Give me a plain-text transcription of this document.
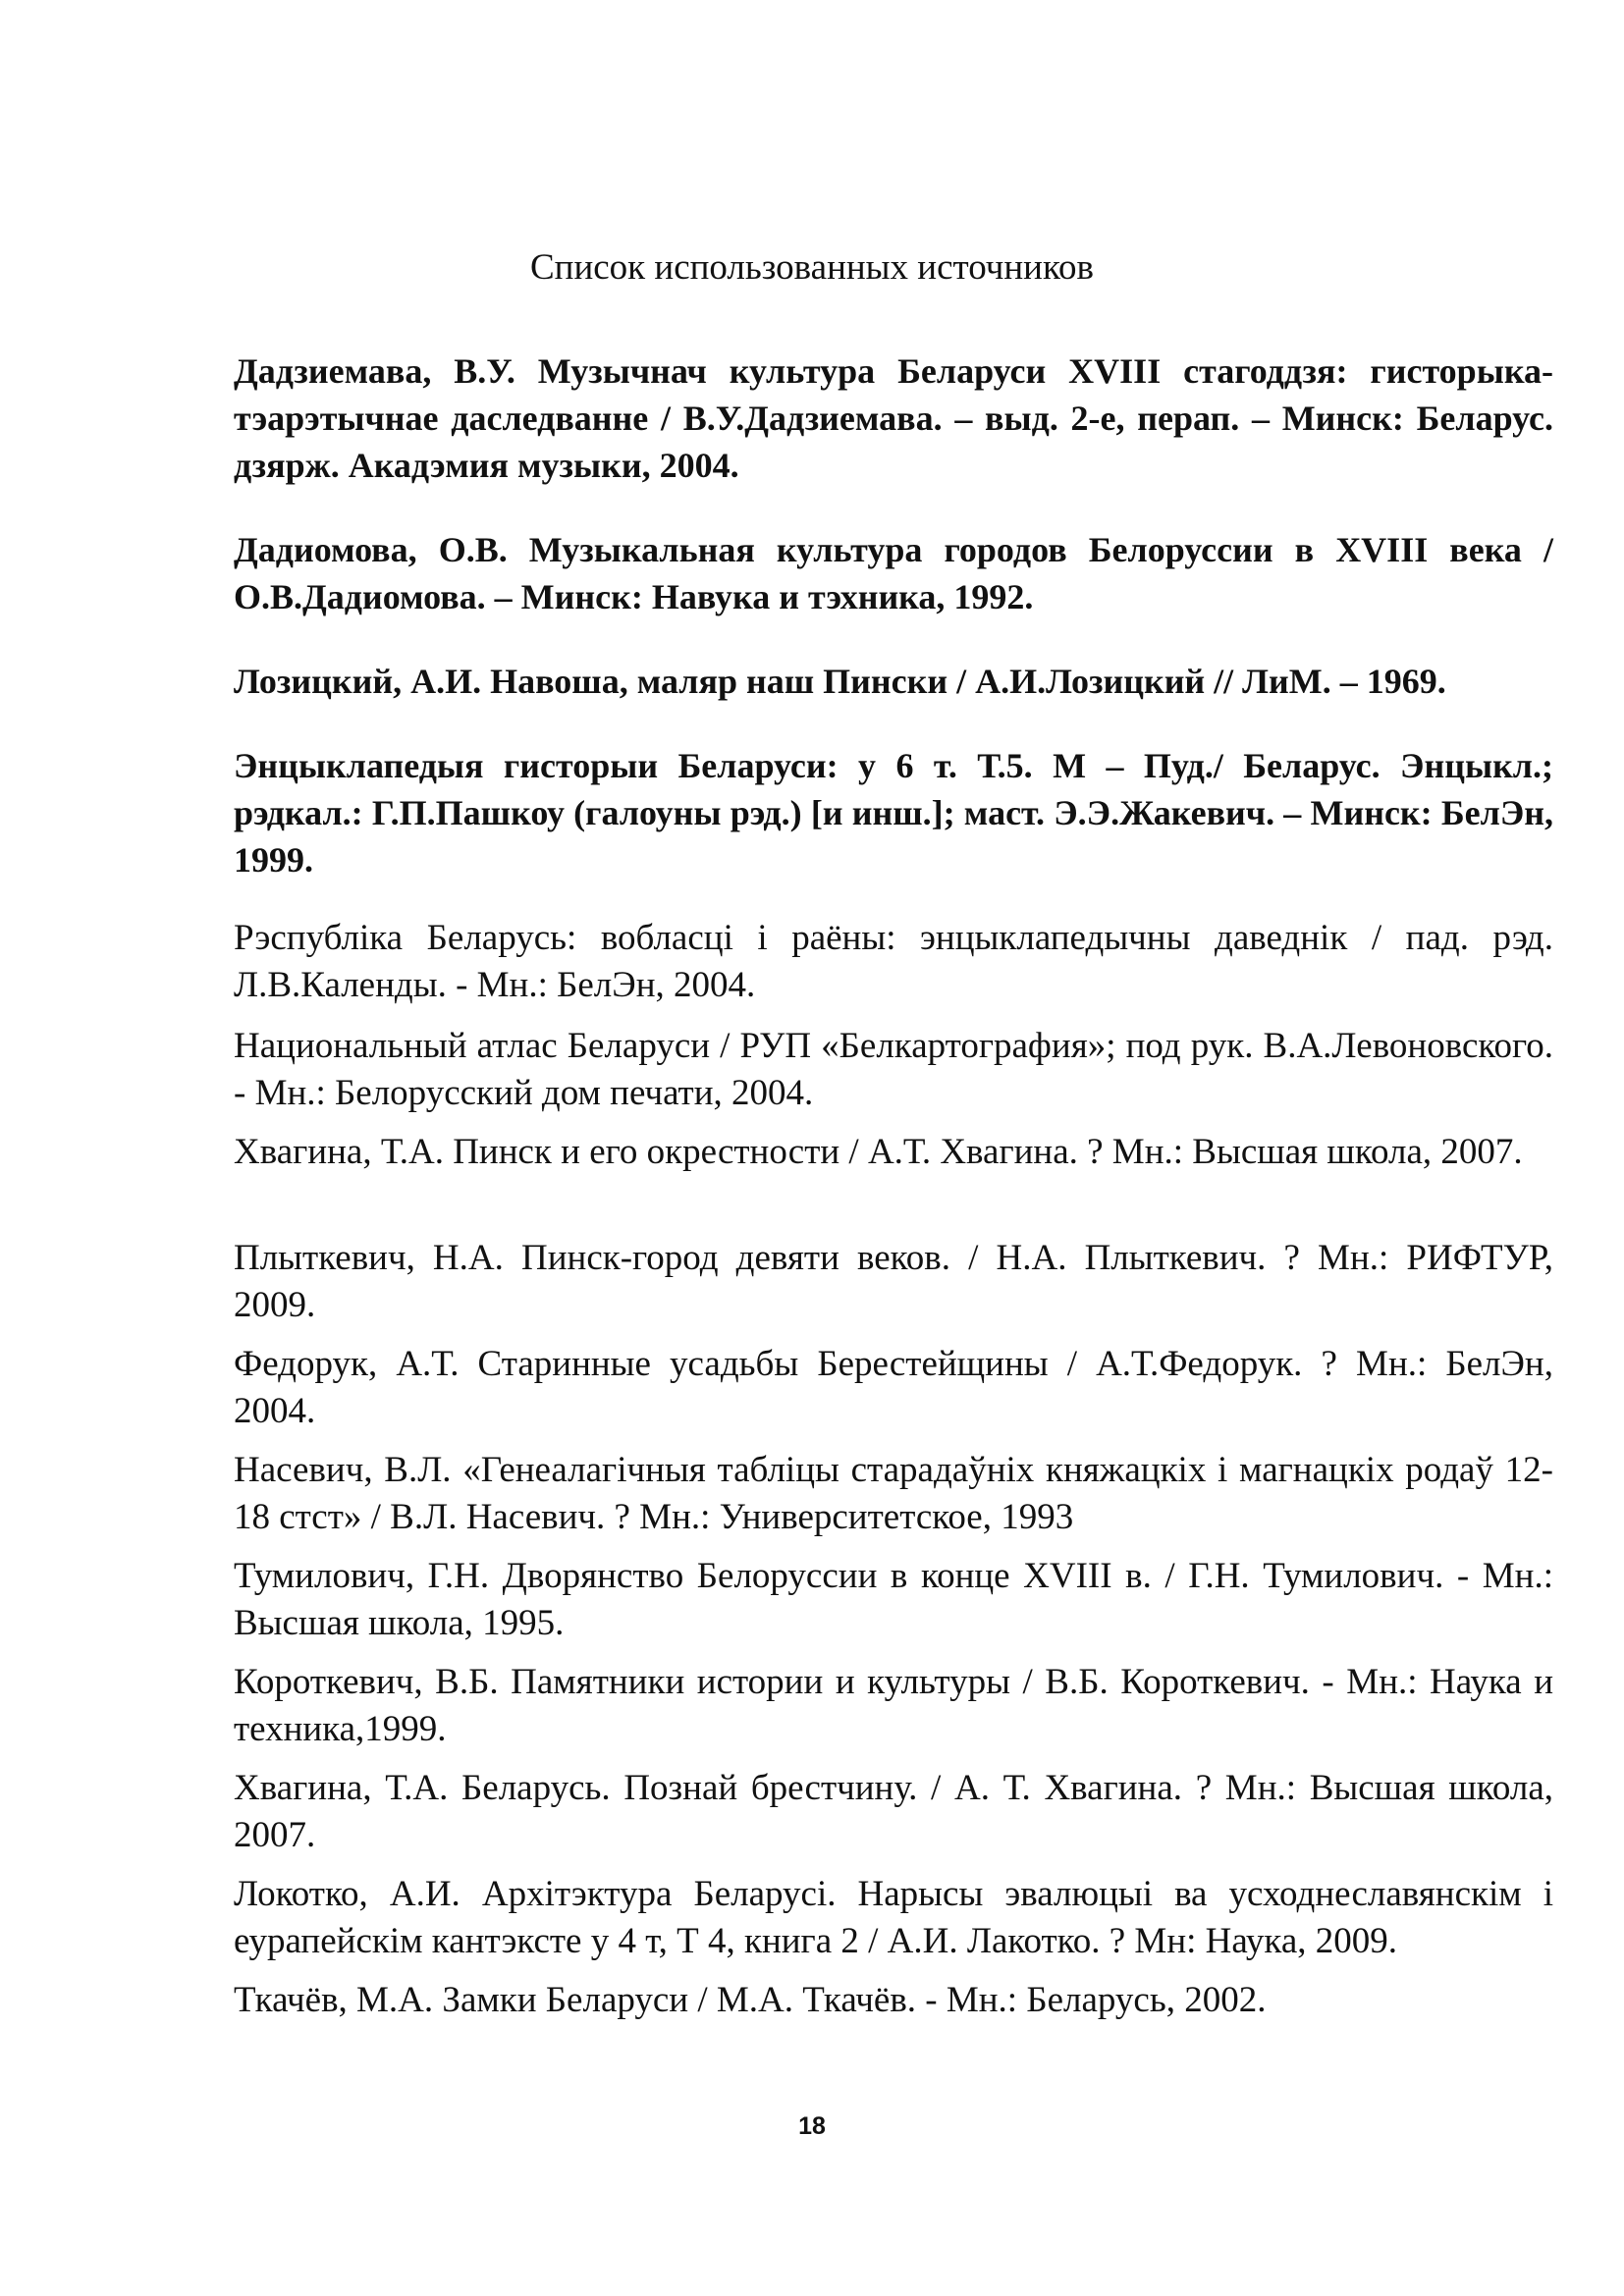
Список использованных источников

Дадзиемава, В.У. Музычнач культура Беларуси XVIII стагоддзя: гисторыка-тэарэтычнае даследванне / В.У.Дадзиемава. – выд. 2-е, перап. – Минск: Беларус. дзярж. Акадэмия музыки, 2004.

Дадиомова, О.В. Музыкальная культура городов Белоруссии в XVIII века / О.В.Дадиомова. – Минск: Навука и тэхника, 1992.

Лозицкий, А.И. Навоша, маляр наш Пински / А.И.Лозицкий // ЛиМ. – 1969.

Энцыклапедыя гисторыи Беларуси: у 6 т. Т.5. М – Пуд./ Беларус. Энцыкл.; рэдкал.: Г.П.Пашкоу (галоуны рэд.) [и инш.]; маст. Э.Э.Жакевич. – Минск: БелЭн, 1999.

Рэспубліка Беларусь: вобласці і раёны: энцыклапедычны даведнік / пад. рэд. Л.В.Календы. - Мн.: БелЭн, 2004.

Национальный атлас Беларуси / РУП «Белкартография»; под рук. В.А.Левоновского. - Мн.: Белорусский дом печати, 2004.

Хвагина, Т.А. Пинск и его окрестности / А.Т. Хвагина. ? Мн.: Высшая школа, 2007.

Плыткевич, Н.А. Пинск-город девяти веков. / Н.А. Плыткевич. ? Мн.: РИФТУР, 2009.

Федорук, А.Т. Старинные усадьбы Берестейщины / А.Т.Федорук. ? Мн.: БелЭн, 2004.

Насевич, В.Л. «Генеалагічныя табліцы старадаўніх княжацкіх і магнацкіх родаў 12-18 стст» / В.Л. Насевич. ? Мн.: Университетское, 1993

Тумилович, Г.Н. Дворянство Белоруссии в конце XVIII в. / Г.Н. Тумилович. - Мн.: Высшая школа, 1995.

Короткевич, В.Б. Памятники истории и культуры / В.Б. Короткевич. - Мн.: Наука и техника,1999.

Хвагина, Т.А. Беларусь. Познай брестчину. / А. Т. Хвагина. ? Мн.: Высшая школа, 2007.

Локотко, А.И. Архітэктура Беларусі. Нарысы эвалюцыі ва усходнеславянскім і еурапейскім кантэксте у 4 т, Т 4, книга 2 / А.И. Лакотко. ? Мн: Наука, 2009.

Ткачёв, М.А. Замки Беларуси / М.А. Ткачёв. - Мн.: Беларусь, 2002.

18
